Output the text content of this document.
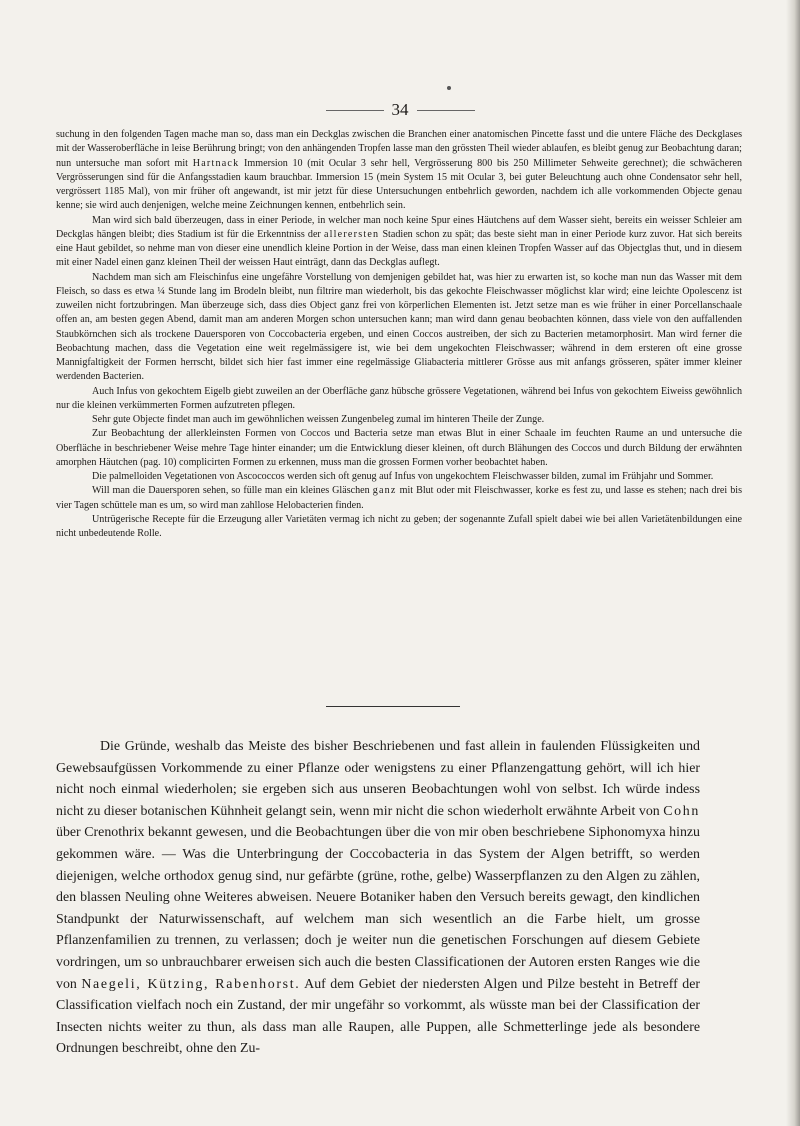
34

suchung in den folgenden Tagen mache man so, dass man ein Deckglas zwischen die Branchen einer anatomischen Pincette fasst und die untere Fläche des Deckglases mit der Wasseroberfläche in leise Berührung bringt; von den anhängenden Tropfen lasse man den grössten Theil wieder ablaufen, es bleibt genug zur Beobachtung daran; nun untersuche man sofort mit Hartnack Immersion 10 (mit Ocular 3 sehr hell, Vergrösserung 800 bis 250 Millimeter Sehweite gerechnet); die schwächeren Vergrösserungen sind für die Anfangsstadien kaum brauchbar. Immersion 15 (mein System 15 mit Ocular 3, bei guter Beleuchtung auch ohne Condensator sehr hell, vergrössert 1185 Mal), von mir früher oft angewandt, ist mir jetzt für diese Untersuchungen entbehrlich geworden, nachdem ich alle vorkommenden Objecte genau kenne; sie wird auch denjenigen, welche meine Zeichnungen kennen, entbehrlich sein.

Man wird sich bald überzeugen, dass in einer Periode, in welcher man noch keine Spur eines Häutchens auf dem Wasser sieht, bereits ein weisser Schleier am Deckglas hängen bleibt; dies Stadium ist für die Erkenntniss der allerersten Stadien schon zu spät; das beste sieht man in einer Periode kurz zuvor. Hat sich bereits eine Haut gebildet, so nehme man von dieser eine unendlich kleine Portion in der Weise, dass man einen kleinen Tropfen Wasser auf das Objectglas thut, und in diesem mit einer Nadel einen ganz kleinen Theil der weissen Haut einträgt, dann das Deckglas auflegt.

Nachdem man sich am Fleischinfus eine ungefähre Vorstellung von demjenigen gebildet hat, was hier zu erwarten ist, so koche man nun das Wasser mit dem Fleisch, so dass es etwa ¼ Stunde lang im Brodeln bleibt, nun filtrire man wiederholt, bis das gekochte Fleischwasser möglichst klar wird; eine leichte Opolescenz ist zuweilen nicht fortzubringen. Man überzeuge sich, dass dies Object ganz frei von körperlichen Elementen ist. Jetzt setze man es wie früher in einer Porcellanschaale offen an, am besten gegen Abend, damit man am anderen Morgen schon untersuchen kann; man wird dann genau beobachten können, dass viele von den auffallenden Staubkörnchen sich als trockene Dauersporen von Coccobacteria ergeben, und einen Coccos austreiben, der sich zu Bacterien metamorphosirt. Man wird ferner die Beobachtung machen, dass die Vegetation eine weit regelmässigere ist, wie bei dem ungekochten Fleischwasser; während in dem ersteren oft eine grosse Mannigfaltigkeit der Formen herrscht, bildet sich hier fast immer eine regelmässige Gliabacteria mittlerer Grösse aus mit anfangs grösseren, später immer kleiner werdenden Bacterien.

Auch Infus von gekochtem Eigelb giebt zuweilen an der Oberfläche ganz hübsche grössere Vegetationen, während bei Infus von gekochtem Eiweiss gewöhnlich nur die kleinen verkümmerten Formen aufzutreten pflegen.

Sehr gute Objecte findet man auch im gewöhnlichen weissen Zungenbeleg zumal im hinteren Theile der Zunge.

Zur Beobachtung der allerkleinsten Formen von Coccos und Bacteria setze man etwas Blut in einer Schaale im feuchten Raume an und untersuche die Oberfläche in beschriebener Weise mehre Tage hinter einander; um die Entwicklung dieser kleinen, oft durch Blähungen des Coccos und durch Bildung der erwähnten amorphen Häutchen (pag. 10) complicirten Formen zu erkennen, muss man die grossen Formen vorher beobachtet haben.

Die palmelloiden Vegetationen von Ascococcos werden sich oft genug auf Infus von ungekochtem Fleischwasser bilden, zumal im Frühjahr und Sommer.

Will man die Dauersporen sehen, so fülle man ein kleines Gläschen ganz mit Blut oder mit Fleischwasser, korke es fest zu, und lasse es stehen; nach drei bis vier Tagen schüttele man es um, so wird man zahllose Helobacterien finden.

Untrügerische Recepte für die Erzeugung aller Varietäten vermag ich nicht zu geben; der sogenannte Zufall spielt dabei wie bei allen Varietätenbildungen eine nicht unbedeutende Rolle.

Die Gründe, weshalb das Meiste des bisher Beschriebenen und fast allein in faulenden Flüssigkeiten und Gewebsaufgüssen Vorkommende zu einer Pflanze oder wenigstens zu einer Pflanzengattung gehört, will ich hier nicht noch einmal wiederholen; sie ergeben sich aus unseren Beobachtungen wohl von selbst. Ich würde indess nicht zu dieser botanischen Kühnheit gelangt sein, wenn mir nicht die schon wiederholt erwähnte Arbeit von Cohn über Crenothrix bekannt gewesen, und die Beobachtungen über die von mir oben beschriebene Siphonomyxa hinzu gekommen wäre. — Was die Unterbringung der Coccobacteria in das System der Algen betrifft, so werden diejenigen, welche orthodox genug sind, nur gefärbte (grüne, rothe, gelbe) Wasserpflanzen zu den Algen zu zählen, den blassen Neuling ohne Weiteres abweisen. Neuere Botaniker haben den Versuch bereits gewagt, den kindlichen Standpunkt der Naturwissenschaft, auf welchem man sich wesentlich an die Farbe hielt, um grosse Pflanzenfamilien zu trennen, zu verlassen; doch je weiter nun die genetischen Forschungen auf diesem Gebiete vordringen, um so unbrauchbarer erweisen sich auch die besten Classificationen der Autoren ersten Ranges wie die von Naegeli, Kützing, Rabenhorst. Auf dem Gebiet der niedersten Algen und Pilze besteht in Betreff der Classification vielfach noch ein Zustand, der mir ungefähr so vorkommt, als wüsste man bei der Classification der Insecten nichts weiter zu thun, als dass man alle Raupen, alle Puppen, alle Schmetterlinge jede als besondere Ordnungen beschreibt, ohne den Zu-
